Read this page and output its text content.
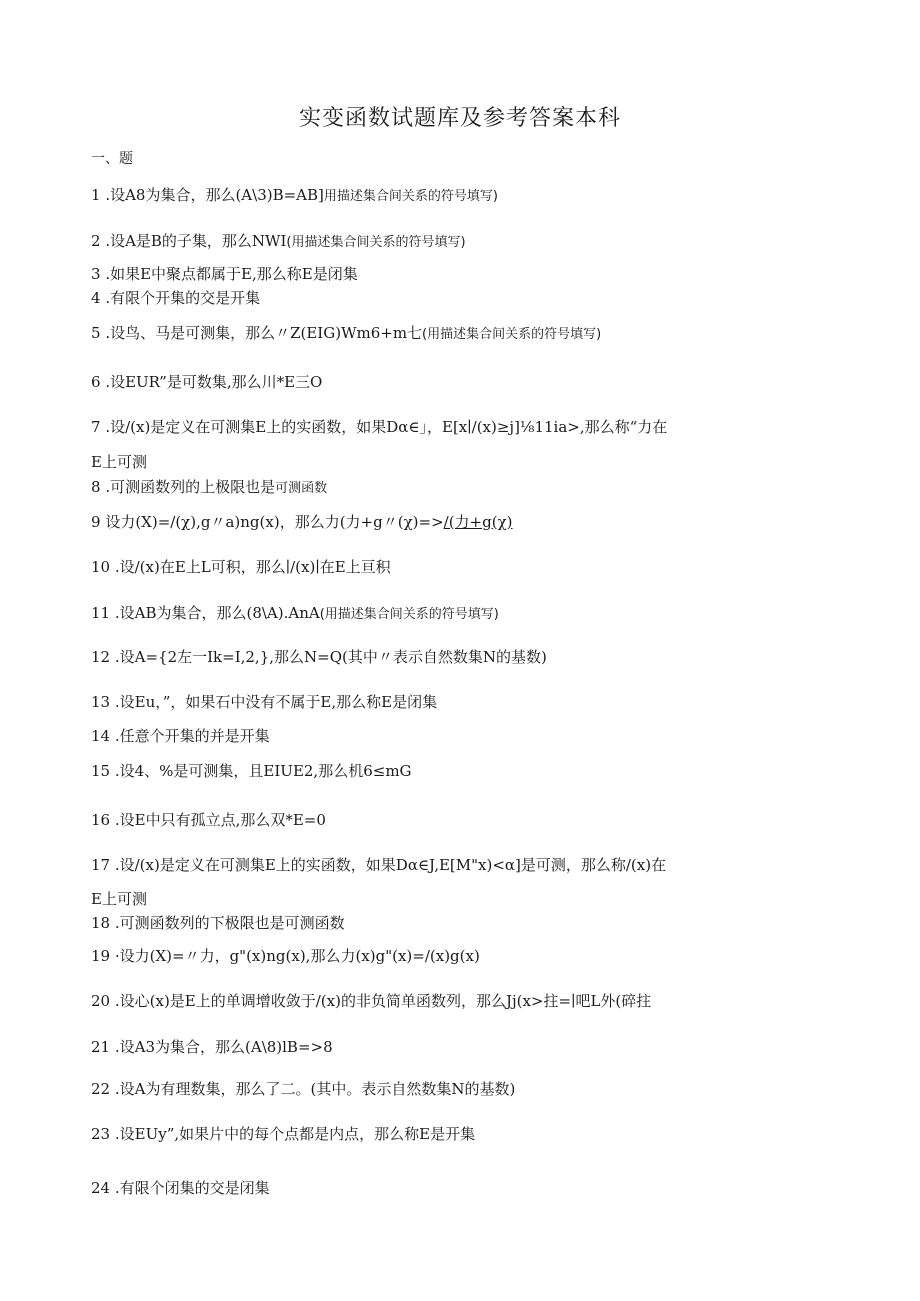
实变函数试题库及参考答案本科
一、题
1 .设A8为集合，那么(A\3)B=AB]用描述集合间关系的符号填写)
2 .设A是B的子集，那么NWI(用描述集合间关系的符号填写)
3 .如果E中聚点都属于E,那么称E是闭集
4 .有限个开集的交是开集
5 .设鸟、马是可测集，那么〃Z(EIG)Wm6+m七(用描述集合间关系的符号填写)
6 .设EUR”是可数集,那么川*E三O
7 .设/(x)是定义在可测集E上的实函数，如果Dα∈」，E[x∣/(x)≥j]⅛11ia>,那么称“力在
E上可测
8 .可测函数列的上极限也是可测函数
9 设力(X)=/(χ),g〃a)ng(x)，那么力(力+g〃(χ)=>/(力+g(χ)
10 .设/(x)在E上L可积，那么∣/(x)∣在E上亘积
11 .设AB为集合，那么(8\A).AnA(用描述集合间关系的符号填写)
12 .设A={2左一Ik=I,2,},那么N=Q(其中〃表示自然数集N的基数)
13 .设Eu，”，如果石中没有不属于E,那么称E是闭集
14 .任意个开集的并是开集
15 .设4、%是可测集，且EIUE2,那么机6≤mG
16 .设E中只有孤立点,那么双*E=0
17 .设/(x)是定义在可测集E上的实函数，如果Dα∈J,E[M"x)<α]是可测，那么称/(x)在
E上可测
18 .可测函数列的下极限也是可测函数
19 ·设力(X)=〃力，g"(x)ng(x),那么力(x)g"(x)=/(x)g(x)
20 .设心(x)是E上的单调增收敛于/(x)的非负简单函数列，那么Jj(x>拄=∣吧L外(碎拄
21 .设A3为集合，那么(A\8)lB=>8
22 .设A为有理数集，那么了二。(其中。表示自然数集N的基数)
23 .设EUy”,如果片中的每个点都是内点，那么称E是开集
24 .有限个闭集的交是闭集
